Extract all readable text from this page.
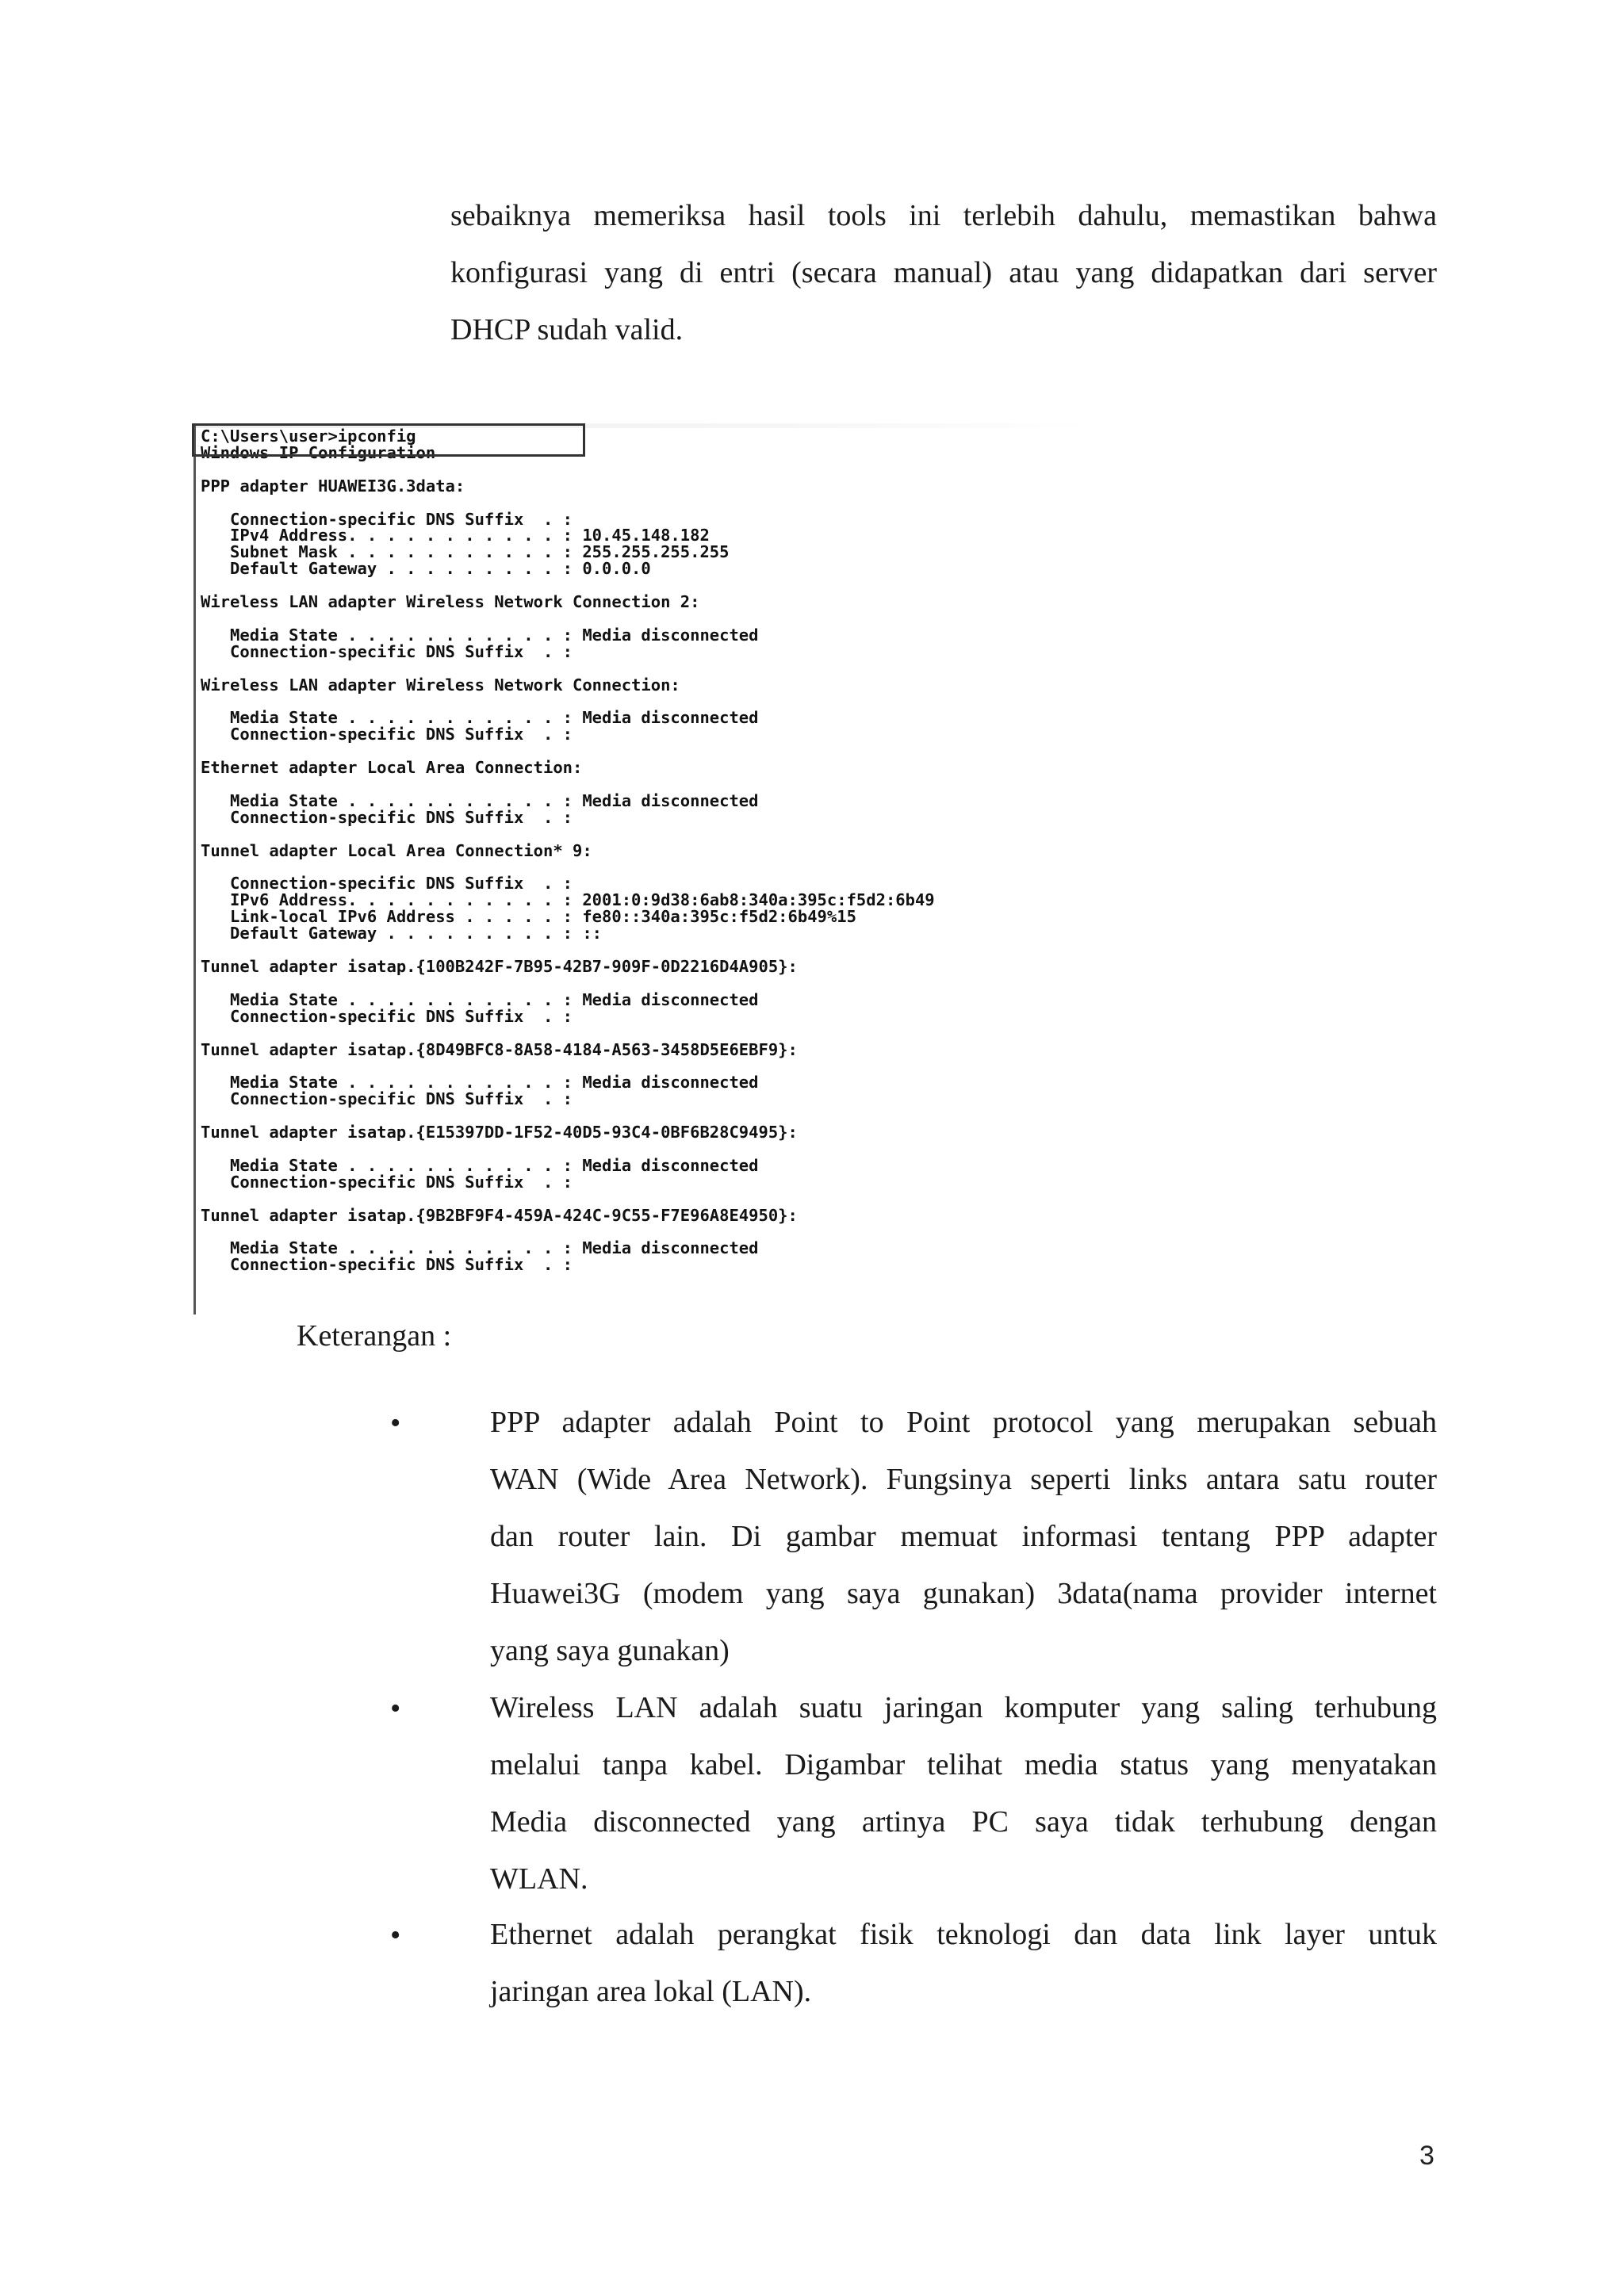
sebaiknya memeriksa hasil tools ini terlebih dahulu, memastikan bahwa
konfigurasi yang di entri (secara manual) atau yang didapatkan dari server
DHCP sudah valid.
C:\Users\user>ipconfig
Windows IP Configuration

PPP adapter HUAWEI3G.3data:

Connection-specific DNS Suffix  . :
IPv4 Address. . . . . . . . . . . : 10.45.148.182
Subnet Mask . . . . . . . . . . . : 255.255.255.255
Default Gateway . . . . . . . . . : 0.0.0.0

Wireless LAN adapter Wireless Network Connection 2:

Media State . . . . . . . . . . . : Media disconnected
Connection-specific DNS Suffix  . :

Wireless LAN adapter Wireless Network Connection:

Media State . . . . . . . . . . . : Media disconnected
Connection-specific DNS Suffix  . :

Ethernet adapter Local Area Connection:

Media State . . . . . . . . . . . : Media disconnected
Connection-specific DNS Suffix  . :

Tunnel adapter Local Area Connection* 9:

Connection-specific DNS Suffix  . :
IPv6 Address. . . . . . . . . . . : 2001:0:9d38:6ab8:340a:395c:f5d2:6b49
Link-local IPv6 Address . . . . . : fe80::340a:395c:f5d2:6b49%15
Default Gateway . . . . . . . . . : ::

Tunnel adapter isatap.{100B242F-7B95-42B7-909F-0D2216D4A905}:

Media State . . . . . . . . . . . : Media disconnected
Connection-specific DNS Suffix  . :

Tunnel adapter isatap.{8D49BFC8-8A58-4184-A563-3458D5E6EBF9}:

Media State . . . . . . . . . . . : Media disconnected
Connection-specific DNS Suffix  . :

Tunnel adapter isatap.{E15397DD-1F52-40D5-93C4-0BF6B28C9495}:

Media State . . . . . . . . . . . : Media disconnected
Connection-specific DNS Suffix  . :

Tunnel adapter isatap.{9B2BF9F4-459A-424C-9C55-F7E96A8E4950}:

Media State . . . . . . . . . . . : Media disconnected
Connection-specific DNS Suffix  . :

Keterangan :
•	PPP adapter adalah Point to Point protocol yang merupakan sebuah
WAN (Wide Area Network). Fungsinya seperti links antara satu router
dan router lain. Di gambar memuat informasi tentang PPP adapter
Huawei3G (modem yang saya gunakan) 3data(nama provider internet
yang saya gunakan)
•	Wireless LAN adalah suatu jaringan komputer yang saling terhubung
melalui tanpa kabel. Digambar telihat media status yang menyatakan
Media disconnected yang artinya PC saya tidak terhubung dengan
WLAN.
•	Ethernet adalah perangkat fisik teknologi dan data link layer untuk
jaringan area lokal (LAN).
3
